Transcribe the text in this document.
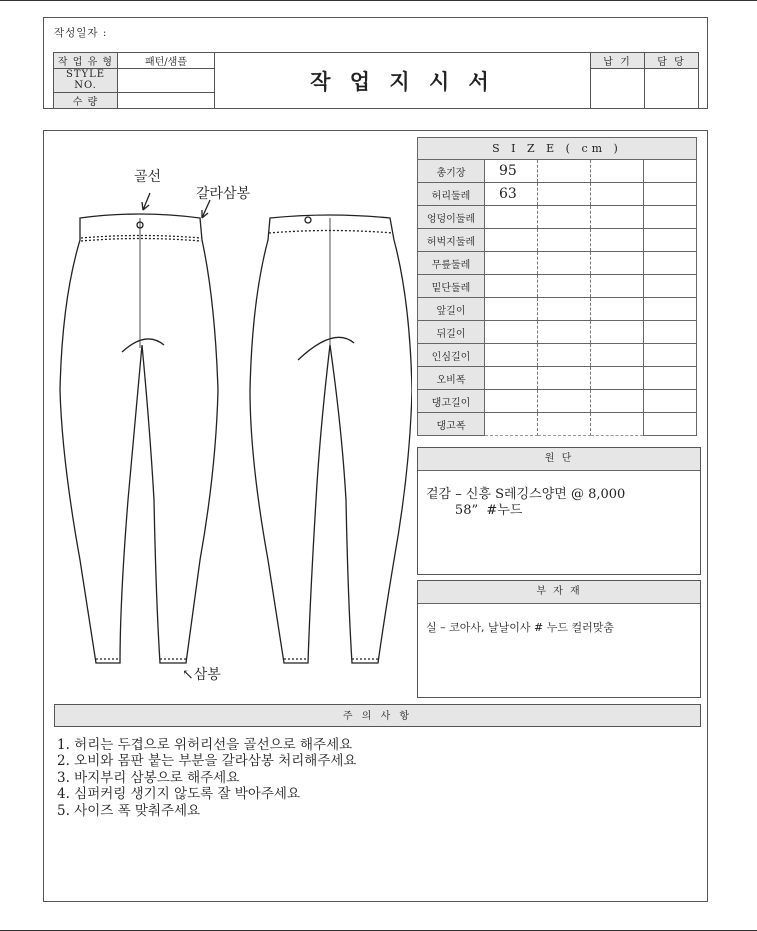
작성일자 :
작 업 유 형	패턴/샘플	작 업 지 시 서	납 기	담 당
STYLE NO.				
수 량				
골선
갈라삼봉
↖삼봉
S I Z E ( cm )				
총기장	95			
허리둘레	63			
엉덩이둘레				
허벅지둘레				
무릎둘레				
밑단둘레				
앞길이				
뒤길이				
인심길이				
오비폭				
댕고길이				
댕고폭				
원 단
겉감 – 신흥 S레깅스양면 @ 8,000
58”  #누드
부 자 재
실 – 코아사, 날날이사 # 누드 컬러맞춤
주 의 사 항
1. 허리는 두겹으로 위허리선을 골선으로 해주세요
2. 오비와 몸판 붙는 부분을 갈라삼봉 처리해주세요
3. 바지부리 삼봉으로 해주세요
4. 심퍼커링 생기지 않도록 잘 박아주세요
5. 사이즈 폭 맞춰주세요
